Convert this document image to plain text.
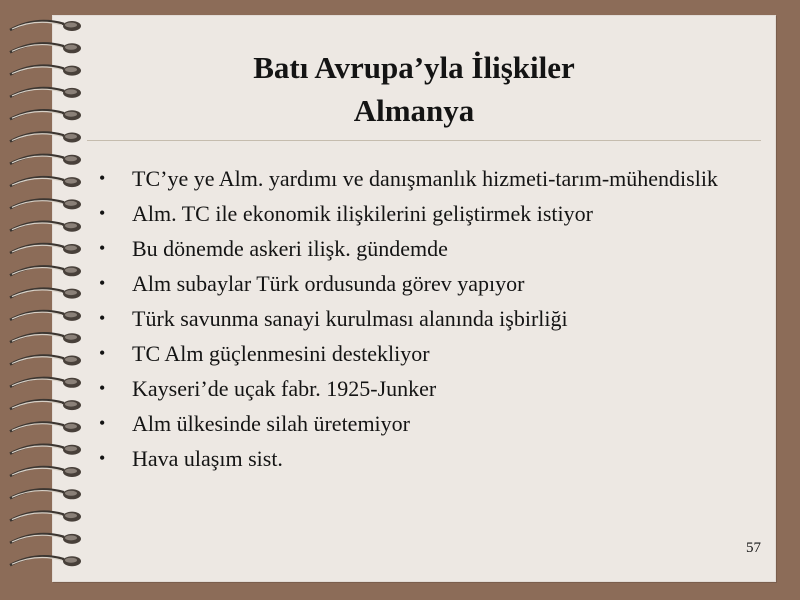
Batı Avrupa’yla İlişkiler
Almanya
• TC’ye ye Alm. yardımı ve danışmanlık hizmeti-tarım-mühendislik
• Alm. TC ile ekonomik ilişkilerini geliştirmek istiyor
• Bu dönemde askeri ilişk. gündemde
• Alm subaylar Türk ordusunda görev yapıyor
• Türk savunma sanayi kurulması alanında işbirliği
• TC Alm güçlenmesini destekliyor
• Kayseri’de uçak fabr. 1925-Junker
• Alm ülkesinde silah üretemiyor
• Hava ulaşım sist.
57
